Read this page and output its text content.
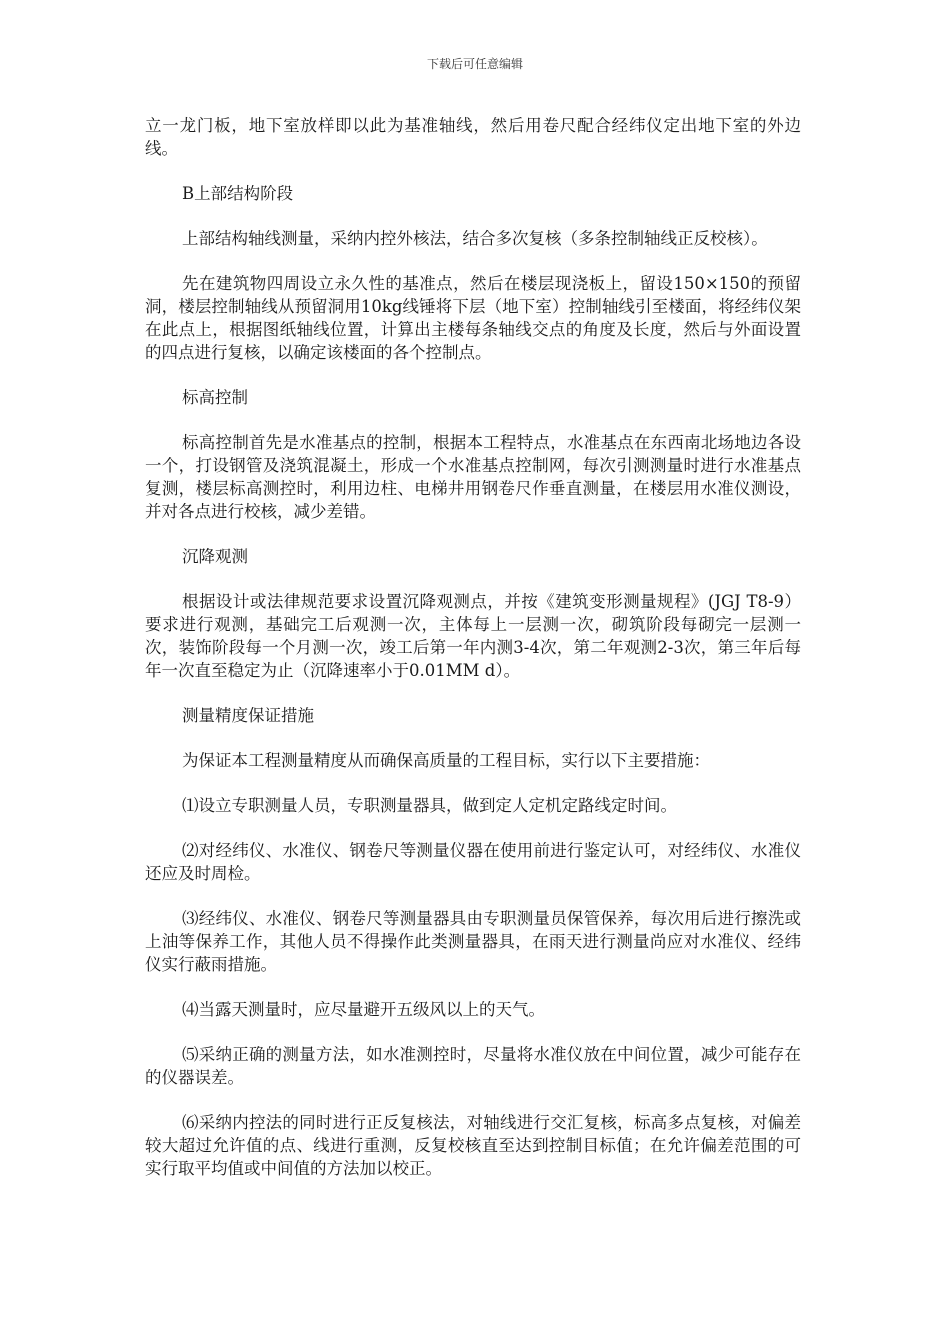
下载后可任意编辑

立一龙门板，地下室放样即以此为基准轴线，然后用卷尺配合经纬仪定出地下室的外边线。

B上部结构阶段

上部结构轴线测量，采纳内控外核法，结合多次复核（多条控制轴线正反校核）。

先在建筑物四周设立永久性的基准点，然后在楼层现浇板上，留设150×150的预留洞，楼层控制轴线从预留洞用10kg线锤将下层（地下室）控制轴线引至楼面，将经纬仪架在此点上，根据图纸轴线位置，计算出主楼每条轴线交点的角度及长度，然后与外面设置的四点进行复核，以确定该楼面的各个控制点。

标高控制

标高控制首先是水准基点的控制，根据本工程特点，水准基点在东西南北场地边各设一个，打设钢管及浇筑混凝土，形成一个水准基点控制网，每次引测测量时进行水准基点复测，楼层标高测控时，利用边柱、电梯井用钢卷尺作垂直测量，在楼层用水准仪测设，并对各点进行校核，减少差错。

沉降观测

根据设计或法律规范要求设置沉降观测点，并按《建筑变形测量规程》(JGJ T8-9）要求进行观测，基础完工后观测一次，主体每上一层测一次，砌筑阶段每砌完一层测一次，装饰阶段每一个月测一次，竣工后第一年内测3-4次，第二年观测2-3次，第三年后每年一次直至稳定为止（沉降速率小于0.01MM d）。

测量精度保证措施

为保证本工程测量精度从而确保高质量的工程目标，实行以下主要措施：

⑴设立专职测量人员，专职测量器具，做到定人定机定路线定时间。

⑵对经纬仪、水准仪、钢卷尺等测量仪器在使用前进行鉴定认可，对经纬仪、水准仪还应及时周检。

⑶经纬仪、水准仪、钢卷尺等测量器具由专职测量员保管保养，每次用后进行擦洗或上油等保养工作，其他人员不得操作此类测量器具，在雨天进行测量尚应对水准仪、经纬仪实行蔽雨措施。

⑷当露天测量时，应尽量避开五级风以上的天气。

⑸采纳正确的测量方法，如水准测控时，尽量将水准仪放在中间位置，减少可能存在的仪器误差。

⑹采纳内控法的同时进行正反复核法，对轴线进行交汇复核，标高多点复核，对偏差较大超过允许值的点、线进行重测，反复校核直至达到控制目标值；在允许偏差范围的可实行取平均值或中间值的方法加以校正。
